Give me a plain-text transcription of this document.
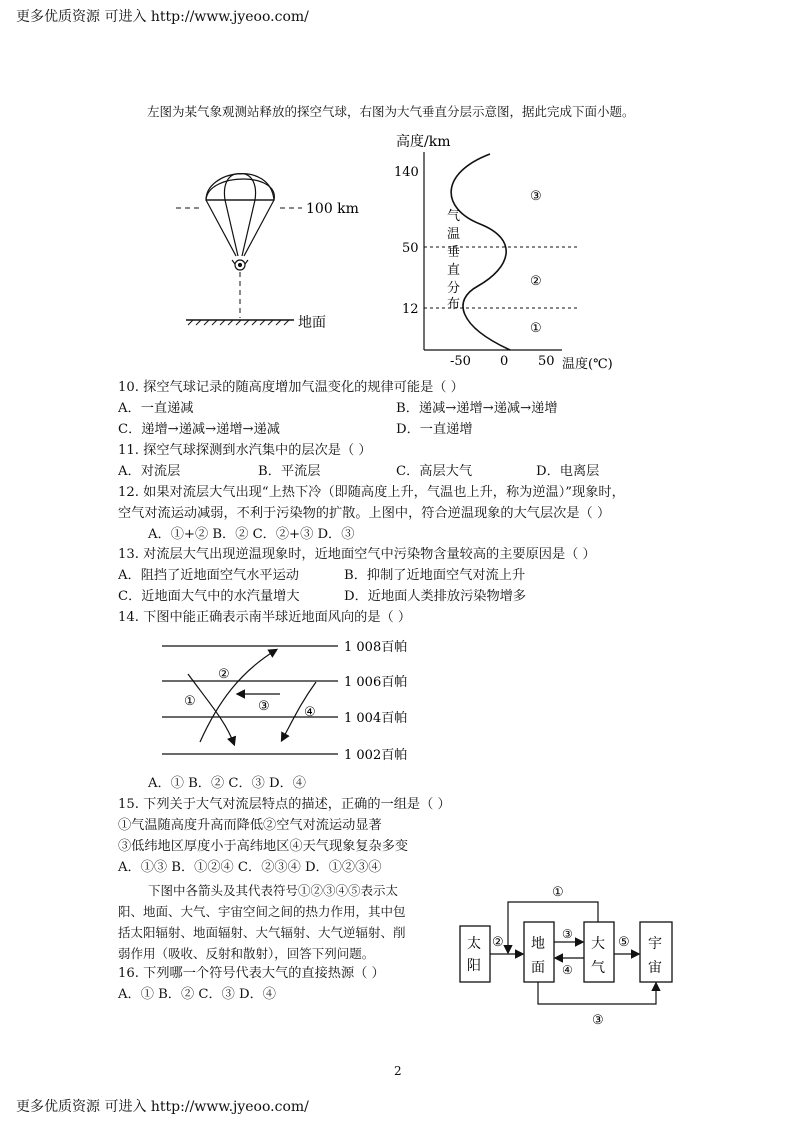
更多优质资源 可进入 http://www.jyeoo.com/
更多优质资源 可进入 http://www.jyeoo.com/
2
左图为某气象观测站释放的探空气球，右图为大气垂直分层示意图，据此完成下面小题。
100 km
地面
高度/km
140
50
12
气
温
垂
直
分
布
③
②
①
-50 0 50 温度(℃)
10. 探空气球记录的随高度增加气温变化的规律可能是（ ）
A．一直递减	B．递减→递增→递减→递增
C．递增→递减→递增→递减	D．一直递增
11. 探空气球探测到水汽集中的层次是（ ）
A．对流层	B．平流层	C．高层大气	D．电离层
12. 如果对流层大气出现“上热下冷（即随高度上升，气温也上升，称为逆温）”现象时，
空气对流运动减弱，不利于污染物的扩散。上图中，符合逆温现象的大气层次是（ ）
A．①+② B．② C．②+③ D．③
13. 对流层大气出现逆温现象时，近地面空气中污染物含量较高的主要原因是（ ）
A．阻挡了近地面空气水平运动	B．抑制了近地面空气对流上升
C．近地面大气中的水汽量增大	D．近地面人类排放污染物增多
14. 下图中能正确表示南半球近地面风向的是（ ）
1 008百帕
1 006百帕
1 004百帕
1 002百帕
①
②
③	④
A．① B．② C．③ D．④
15. 下列关于大气对流层特点的描述，正确的一组是（ ）
①气温随高度升高而降低②空气对流运动显著
③低纬地区厚度小于高纬地区④天气现象复杂多变
A．①③ B．①②④ C．②③④ D．①②③④
下图中各箭头及其代表符号①②③④⑤表示太
阳、地面、大气、宇宙空间之间的热力作用，其中包
括太阳辐射、地面辐射、大气辐射、大气逆辐射、削
弱作用（吸收、反射和散射），回答下列问题。
16. 下列哪一个符号代表大气的直接热源（ ）
A．① B．② C．③ D．④
太
阳
地
面
大
气
宇
宙
②
①
③
④
⑤
③
